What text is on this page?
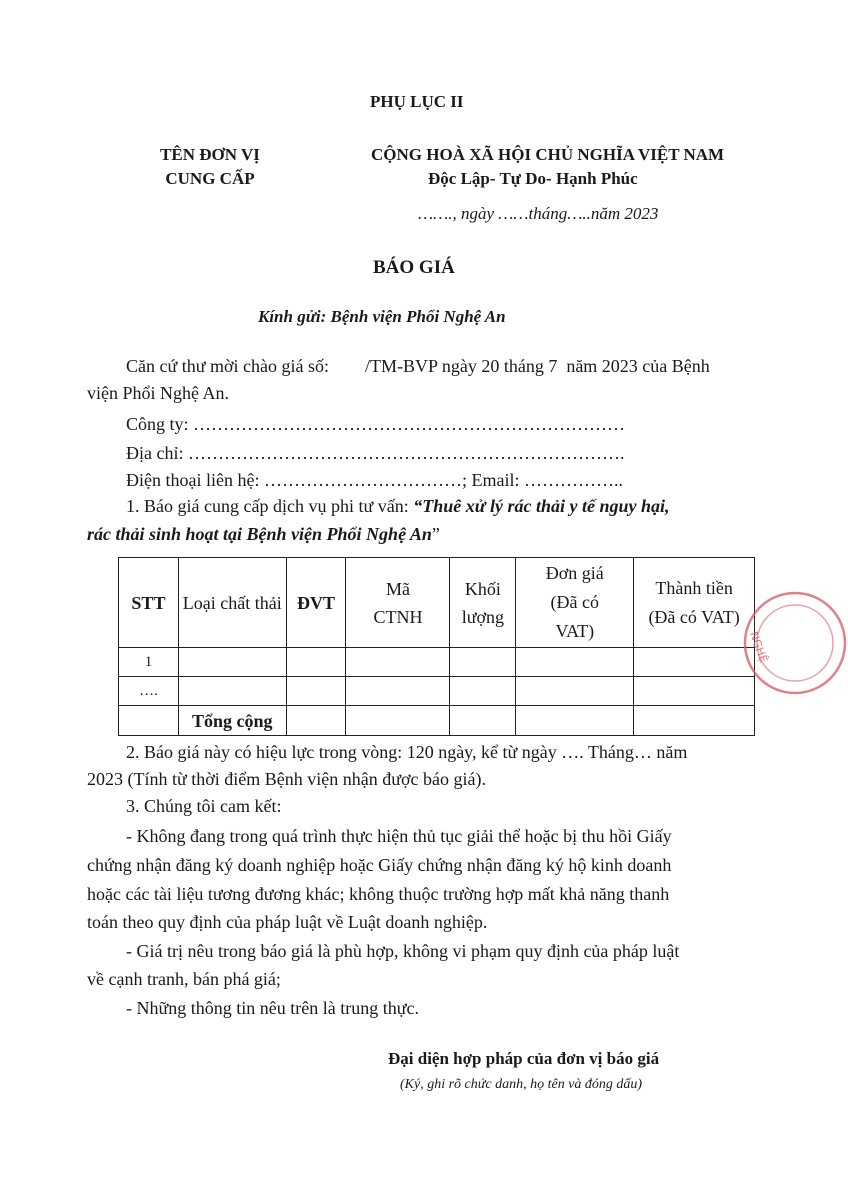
PHỤ LỤC II
TÊN ĐƠN VỊ
CUNG CẤP
CỘNG HOÀ XÃ HỘI CHỦ NGHĨA VIỆT NAM
Độc Lập- Tự Do- Hạnh Phúc
……., ngày ……tháng…..năm 2023
BÁO GIÁ
Kính gửi: Bệnh viện Phổi Nghệ An
Căn cứ thư mời chào giá số:        /TM-BVP ngày 20 tháng 7  năm 2023 của Bệnh
viện Phổi Nghệ An.
Công ty: ………………………………………………………………
Địa chỉ: ……………………………………………………………….
Điện thoại liên hệ: ……………………………; Email: ……………..
1. Báo giá cung cấp dịch vụ phi tư vấn: “Thuê xử lý rác thải y tế nguy hại,
rác thải sinh hoạt tại Bệnh viện Phổi Nghệ An”
STT	Loại chất thải	ĐVT	Mã CTNH	Khối lượng	Đơn giá (Đã có VAT)	Thành tiền (Đã có VAT)
1						
….						
	Tổng cộng					
NGHỆ
2. Báo giá này có hiệu lực trong vòng: 120 ngày, kể từ ngày …. Tháng… năm
2023 (Tính từ thời điểm Bệnh viện nhận được báo giá).
3. Chúng tôi cam kết:
- Không đang trong quá trình thực hiện thủ tục giải thể hoặc bị thu hồi Giấy
chứng nhận đăng ký doanh nghiệp hoặc Giấy chứng nhận đăng ký hộ kinh doanh
hoặc các tài liệu tương đương khác; không thuộc trường hợp mất khả năng thanh
toán theo quy định của pháp luật về Luật doanh nghiệp.
- Giá trị nêu trong báo giá là phù hợp, không vi phạm quy định của pháp luật
về cạnh tranh, bán phá giá;
- Những thông tin nêu trên là trung thực.
Đại diện hợp pháp của đơn vị báo giá
(Ký, ghi rõ chức danh, họ tên và đóng dấu)
